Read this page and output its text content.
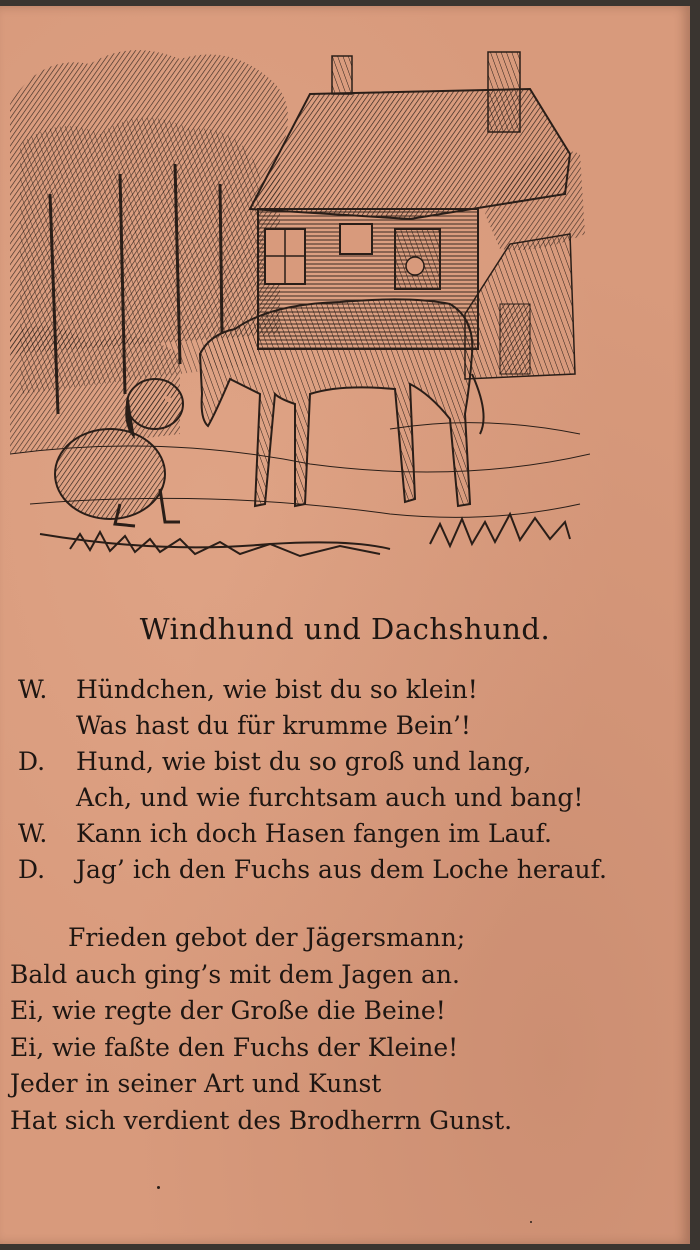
Windhund und Dachshund.
W.	Hündchen, wie bist du so klein!
Was hast du für krumme Bein’!
D.	Hund, wie bist du so groß und lang,
Ach, und wie furchtsam auch und bang!
W.	Kann ich doch Hasen fangen im Lauf.
D.	Jag’ ich den Fuchs aus dem Loche herauf.
Frieden gebot der Jägersmann;
Bald auch ging’s mit dem Jagen an.
Ei, wie regte der Große die Beine!
Ei, wie faßte den Fuchs der Kleine!
Jeder in seiner Art und Kunst
Hat sich verdient des Brodherrn Gunst.
